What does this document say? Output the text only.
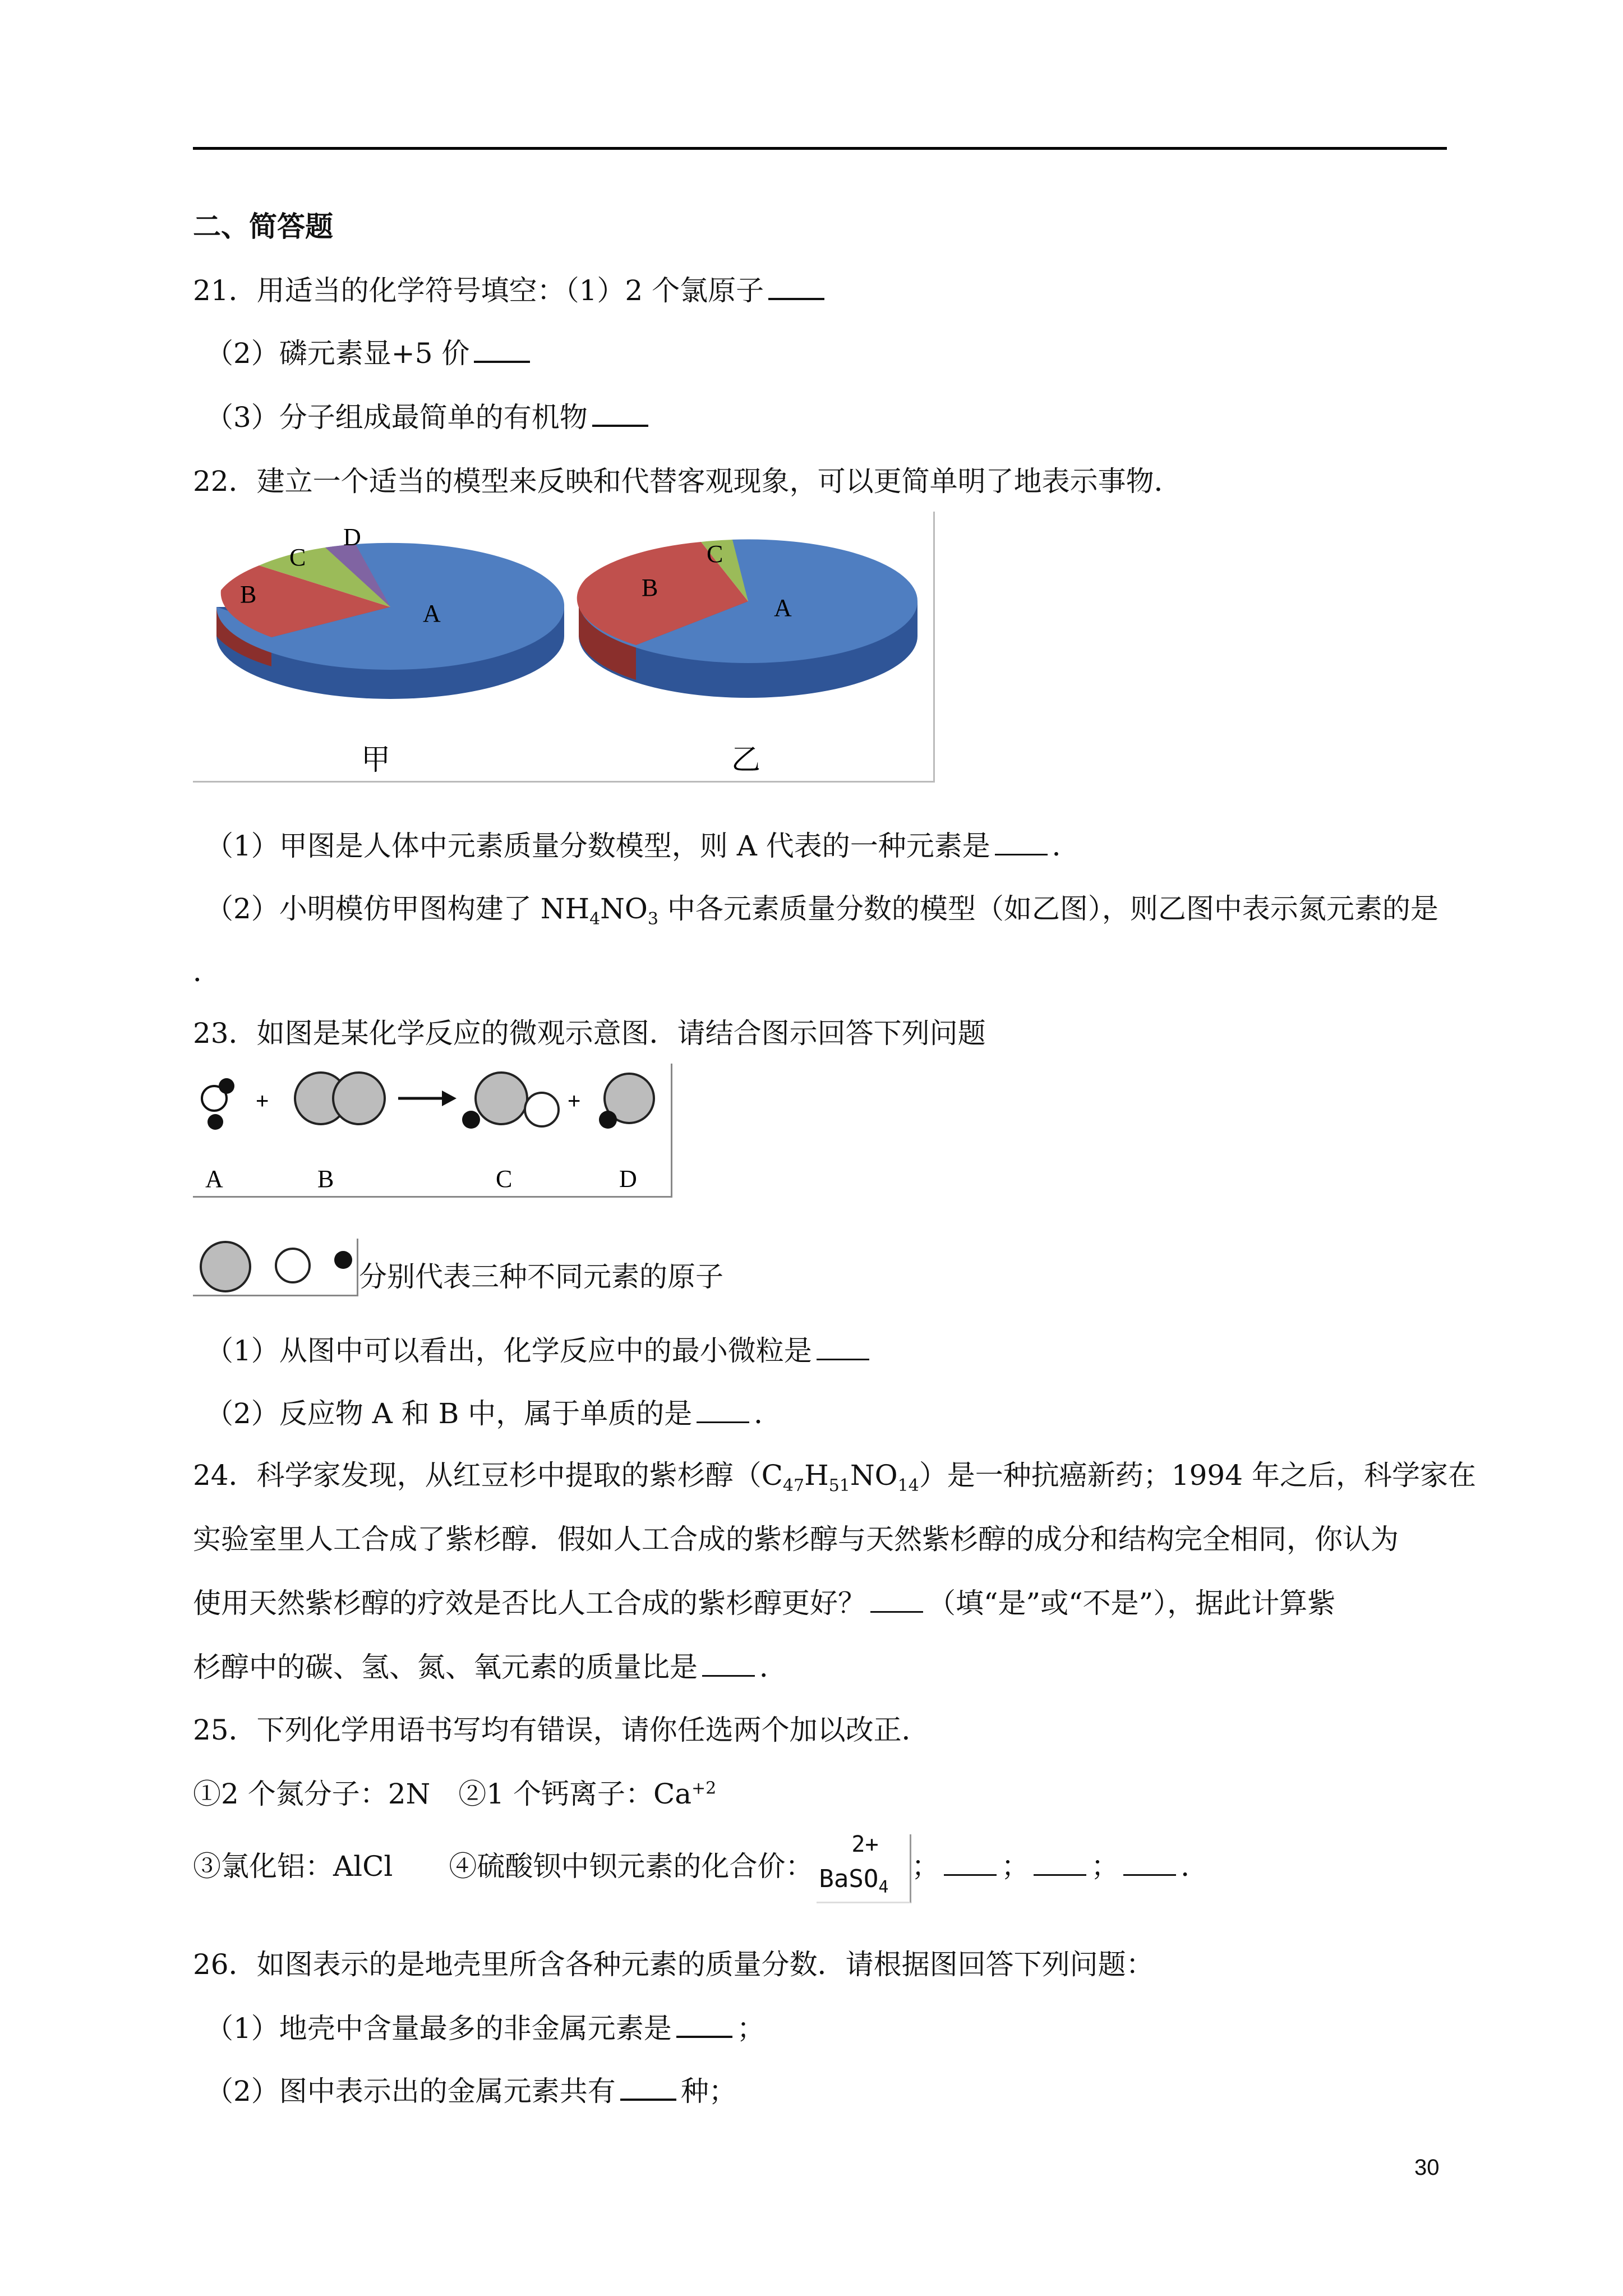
二、简答题
21．用适当的化学符号填空：（1）2 个氯原子
（2）磷元素显+5 价
（3）分子组成最简单的有机物
22．建立一个适当的模型来反映和代替客观现象，可以更简单明了地表示事物．
A
B
C
D
甲
A
B
C
乙
（1）甲图是人体中元素质量分数模型，则 A 代表的一种元素是 ．
（2）小明模仿甲图构建了 $NH_4NO_3$ 中各元素质量分数的模型（如乙图），则乙图中表示氮元素的是
．
23．如图是某化学反应的微观示意图．请结合图示回答下列问题
+	+
A	B	C	D
分别代表三种不同元素的原子
（1）从图中可以看出，化学反应中的最小微粒是
（2）反应物 A 和 B 中，属于单质的是 ．
24．科学家发现，从红豆杉中提取的紫杉醇$(C_{47}H_{51}NO_{14})$是一种抗癌新药；1994 年之后，科学家在
实验室里人工合成了紫杉醇．假如人工合成的紫杉醇与天然紫杉醇的成分和结构完全相同，你认为
使用天然紫杉醇的疗效是否比人工合成的紫杉醇更好？ （填“是”或“不是”），据此计算紫
杉醇中的碳、氢、氮、氧元素的质量比是 ．
25．下列化学用语书写均有错误，请你任选两个加以改正．
①2 个氮分子：2N　②1 个钙离子：$Ca^{+2}$
③氯化铝：AlCl　　④硫酸钡中钡元素的化合价：
2+
BaSO$_4$
； ； ； ．
26．如图表示的是地壳里所含各种元素的质量分数．请根据图回答下列问题：
（1）地壳中含量最多的非金属元素是 ；
（2）图中表示出的金属元素共有 种；
30
